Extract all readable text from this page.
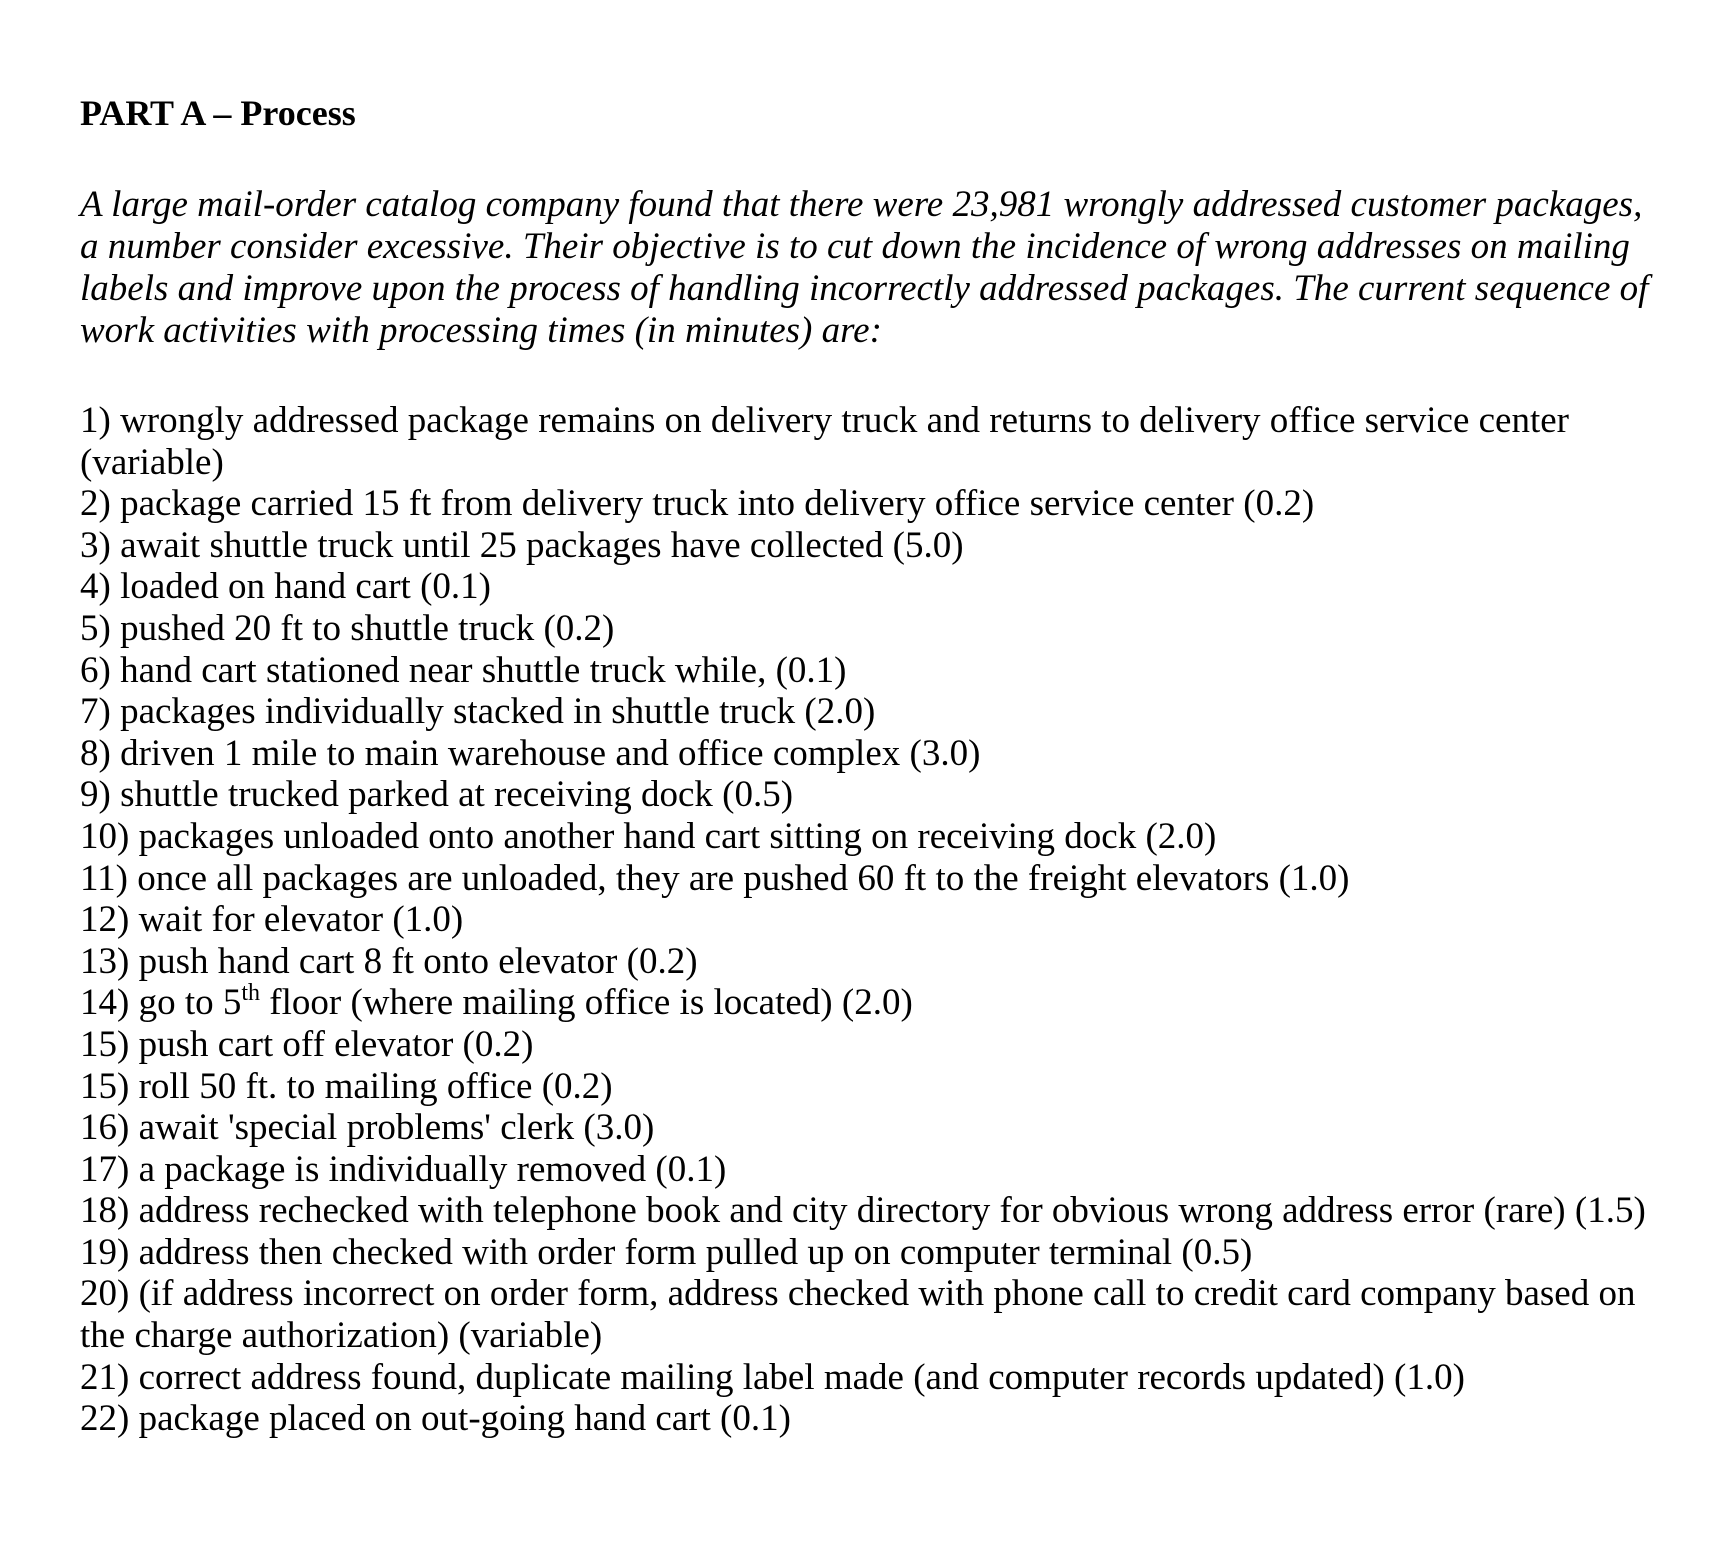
PART A – Process

A large mail-order catalog company found that there were 23,981 wrongly addressed customer packages, a number consider excessive. Their objective is to cut down the incidence of wrong addresses on mailing labels and improve upon the process of handling incorrectly addressed packages. The current sequence of work activities with processing times (in minutes) are:

1) wrongly addressed package remains on delivery truck and returns to delivery office service center (variable)
2) package carried 15 ft from delivery truck into delivery office service center (0.2)
3) await shuttle truck until 25 packages have collected (5.0)
4) loaded on hand cart (0.1)
5) pushed 20 ft to shuttle truck (0.2)
6) hand cart stationed near shuttle truck while, (0.1)
7) packages individually stacked in shuttle truck (2.0)
8) driven 1 mile to main warehouse and office complex (3.0)
9) shuttle trucked parked at receiving dock (0.5)
10) packages unloaded onto another hand cart sitting on receiving dock (2.0)
11) once all packages are unloaded, they are pushed 60 ft to the freight elevators (1.0)
12) wait for elevator (1.0)
13) push hand cart 8 ft onto elevator (0.2)
14) go to 5th floor (where mailing office is located) (2.0)
15) push cart off elevator (0.2)
15) roll 50 ft. to mailing office (0.2)
16) await 'special problems' clerk (3.0)
17) a package is individually removed (0.1)
18) address rechecked with telephone book and city directory for obvious wrong address error (rare) (1.5)
19) address then checked with order form pulled up on computer terminal (0.5)
20) (if address incorrect on order form, address checked with phone call to credit card company based on the charge authorization) (variable)
21) correct address found, duplicate mailing label made (and computer records updated) (1.0)
22) package placed on out-going hand cart (0.1)
